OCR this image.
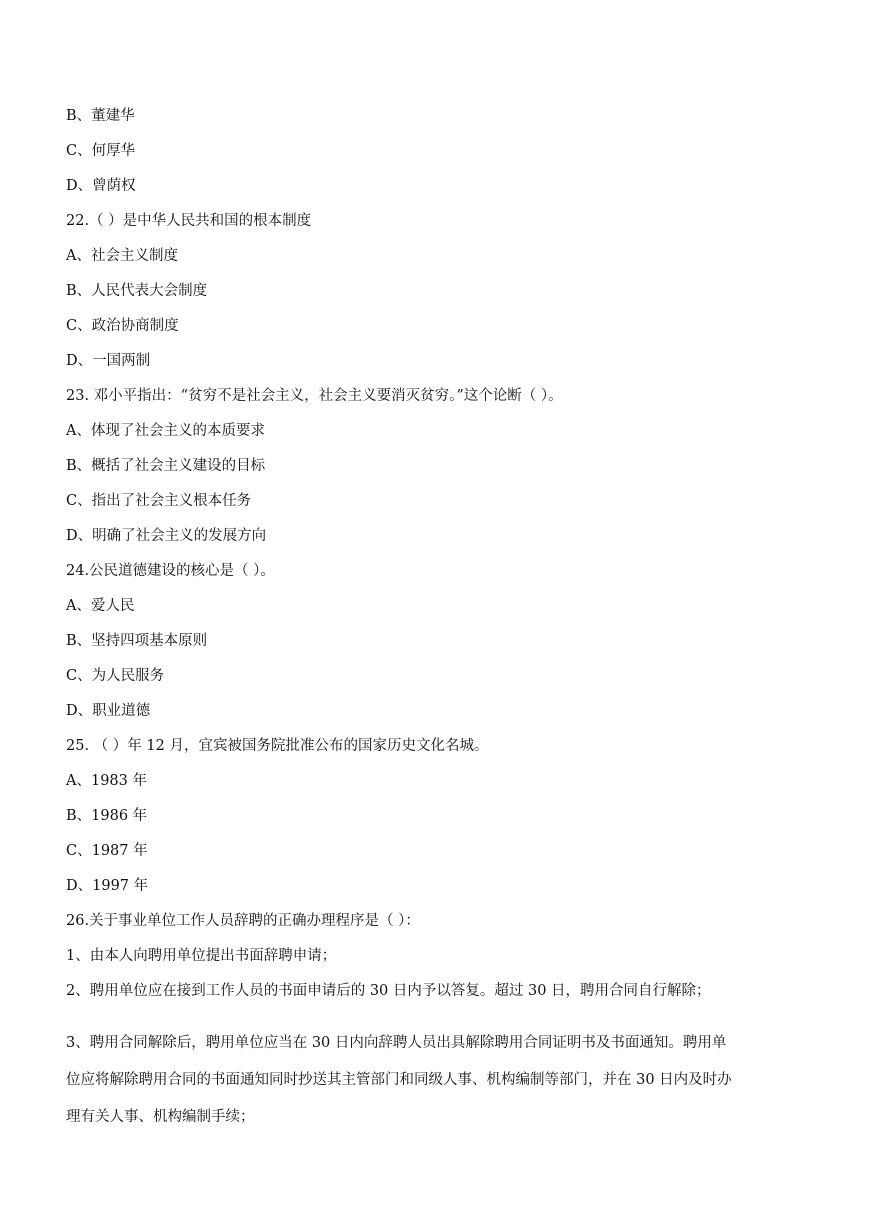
B、董建华
C、何厚华
D、曾荫权
22.（ ）是中华人民共和国的根本制度
A、社会主义制度
B、人民代表大会制度
C、政治协商制度
D、一国两制
23. 邓小平指出：“贫穷不是社会主义，社会主义要消灭贫穷。”这个论断（ ）。
A、体现了社会主义的本质要求
B、概括了社会主义建设的目标
C、指出了社会主义根本任务
D、明确了社会主义的发展方向
24.公民道德建设的核心是（ ）。
A、爱人民
B、坚持四项基本原则
C、为人民服务
D、职业道德
25. （ ）年 12 月，宜宾被国务院批准公布的国家历史文化名城。
A、1983 年
B、1986 年
C、1987 年
D、1997 年
26.关于事业单位工作人员辞聘的正确办理程序是（ ）：
1、由本人向聘用单位提出书面辞聘申请；
2、聘用单位应在接到工作人员的书面申请后的 30 日内予以答复。超过 30 日，聘用合同自行解除；
3、聘用合同解除后，聘用单位应当在 30 日内向辞聘人员出具解除聘用合同证明书及书面通知。聘用单
位应将解除聘用合同的书面通知同时抄送其主管部门和同级人事、机构编制等部门，并在 30 日内及时办
理有关人事、机构编制手续；
